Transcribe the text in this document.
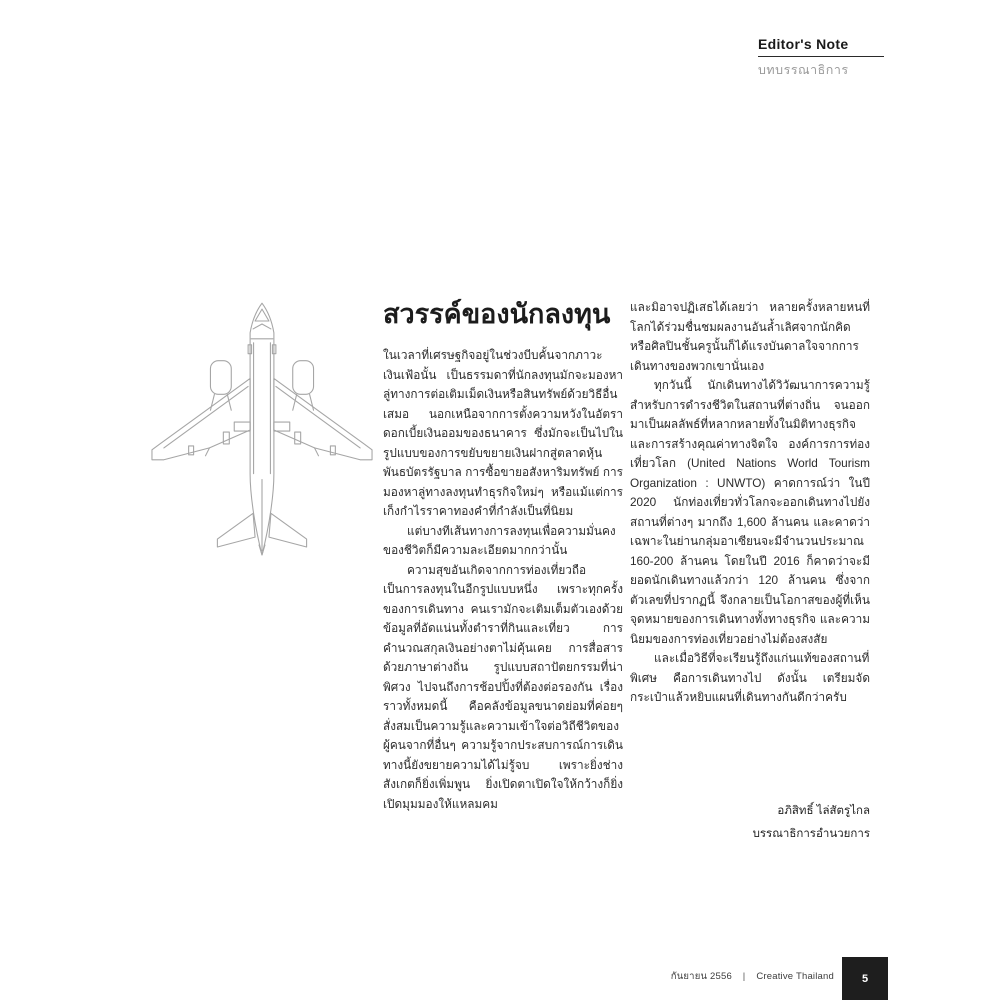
Editor's Note
บทบรรณาธิการ
สวรรค์ของนักลงทุน

ในเวลาที่เศรษฐกิจอยู่ในช่วงบีบคั้นจากภาวะเงินเฟ้อนั้น เป็นธรรมดาที่นักลงทุนมักจะมองหาลู่ทางการต่อเติมเม็ดเงินหรือสินทรัพย์ด้วยวิธีอื่นเสมอ นอกเหนือจากการตั้งความหวังในอัตราดอกเบี้ยเงินออมของธนาคาร ซึ่งมักจะเป็นไปในรูปแบบของการขยับขยายเงินฝากสู่ตลาดหุ้น พันธบัตรรัฐบาล การซื้อขายอสังหาริมทรัพย์ การมองหาลู่ทางลงทุนทำธุรกิจใหม่ๆ หรือแม้แต่การเก็งกำไรราคาทองคำที่กำลังเป็นที่นิยม

แต่บางทีเส้นทางการลงทุนเพื่อความมั่นคงของชีวิตก็มีความละเอียดมากกว่านั้น

ความสุขอันเกิดจากการท่องเที่ยวถือเป็นการลงทุนในอีกรูปแบบหนึ่ง เพราะทุกครั้งของการเดินทาง คนเรามักจะเติมเต็มตัวเองด้วยข้อมูลที่อัดแน่นทั้งตำราที่กินและเที่ยว การคำนวณสกุลเงินอย่างตาไม่คุ้นเคย การสื่อสารด้วยภาษาต่างถิ่น รูปแบบสถาปัตยกรรมที่น่าพิศวง ไปจนถึงการช้อปปิ้งที่ต้องต่อรองกัน เรื่องราวทั้งหมดนี้ คือคลังข้อมูลขนาดย่อมที่ค่อยๆ สั่งสมเป็นความรู้และความเข้าใจต่อวิถีชีวิตของผู้คนจากที่อื่นๆ ความรู้จากประสบการณ์การเดินทางนี้ยังขยายความได้ไม่รู้จบ เพราะยิ่งช่างสังเกตก็ยิ่งเพิ่มพูน ยิ่งเปิดตาเปิดใจให้กว้างก็ยิ่งเปิดมุมมองให้แหลมคม

และมิอาจปฏิเสธได้เลยว่า หลายครั้งหลายหนที่โลกได้ร่วมชื่นชมผลงานอันล้ำเลิศจากนักคิดหรือศิลปินชั้นครูนั้นก็ได้แรงบันดาลใจจากการเดินทางของพวกเขานั่นเอง

ทุกวันนี้ นักเดินทางได้วิวัฒนาการความรู้สำหรับการดำรงชีวิตในสถานที่ต่างถิ่น จนออกมาเป็นผลลัพธ์ที่หลากหลายทั้งในมิติทางธุรกิจและการสร้างคุณค่าทางจิตใจ องค์การการท่องเที่ยวโลก (United Nations World Tourism Organization : UNWTO) คาดการณ์ว่า ในปี 2020 นักท่องเที่ยวทั่วโลกจะออกเดินทางไปยังสถานที่ต่างๆ มากถึง 1,600 ล้านคน และคาดว่าเฉพาะในย่านกลุ่มอาเซียนจะมีจำนวนประมาณ 160-200 ล้านคน โดยในปี 2016 ก็คาดว่าจะมียอดนักเดินทางแล้วกว่า 120 ล้านคน ซึ่งจากตัวเลขที่ปรากฏนี้ จึงกลายเป็นโอกาสของผู้ที่เห็นจุดหมายของการเดินทางทั้งทางธุรกิจ และความนิยมของการท่องเที่ยวอย่างไม่ต้องสงสัย

และเมื่อวิธีที่จะเรียนรู้ถึงแก่นแท้ของสถานที่พิเศษ คือการเดินทางไป ดังนั้น เตรียมจัดกระเป๋าแล้วหยิบแผนที่เดินทางกันดีกว่าครับ

อภิสิทธิ์ ไล่สัตรูไกล
บรรณาธิการอำนวยการ
กันยายน 2556 | Creative Thailand	5
